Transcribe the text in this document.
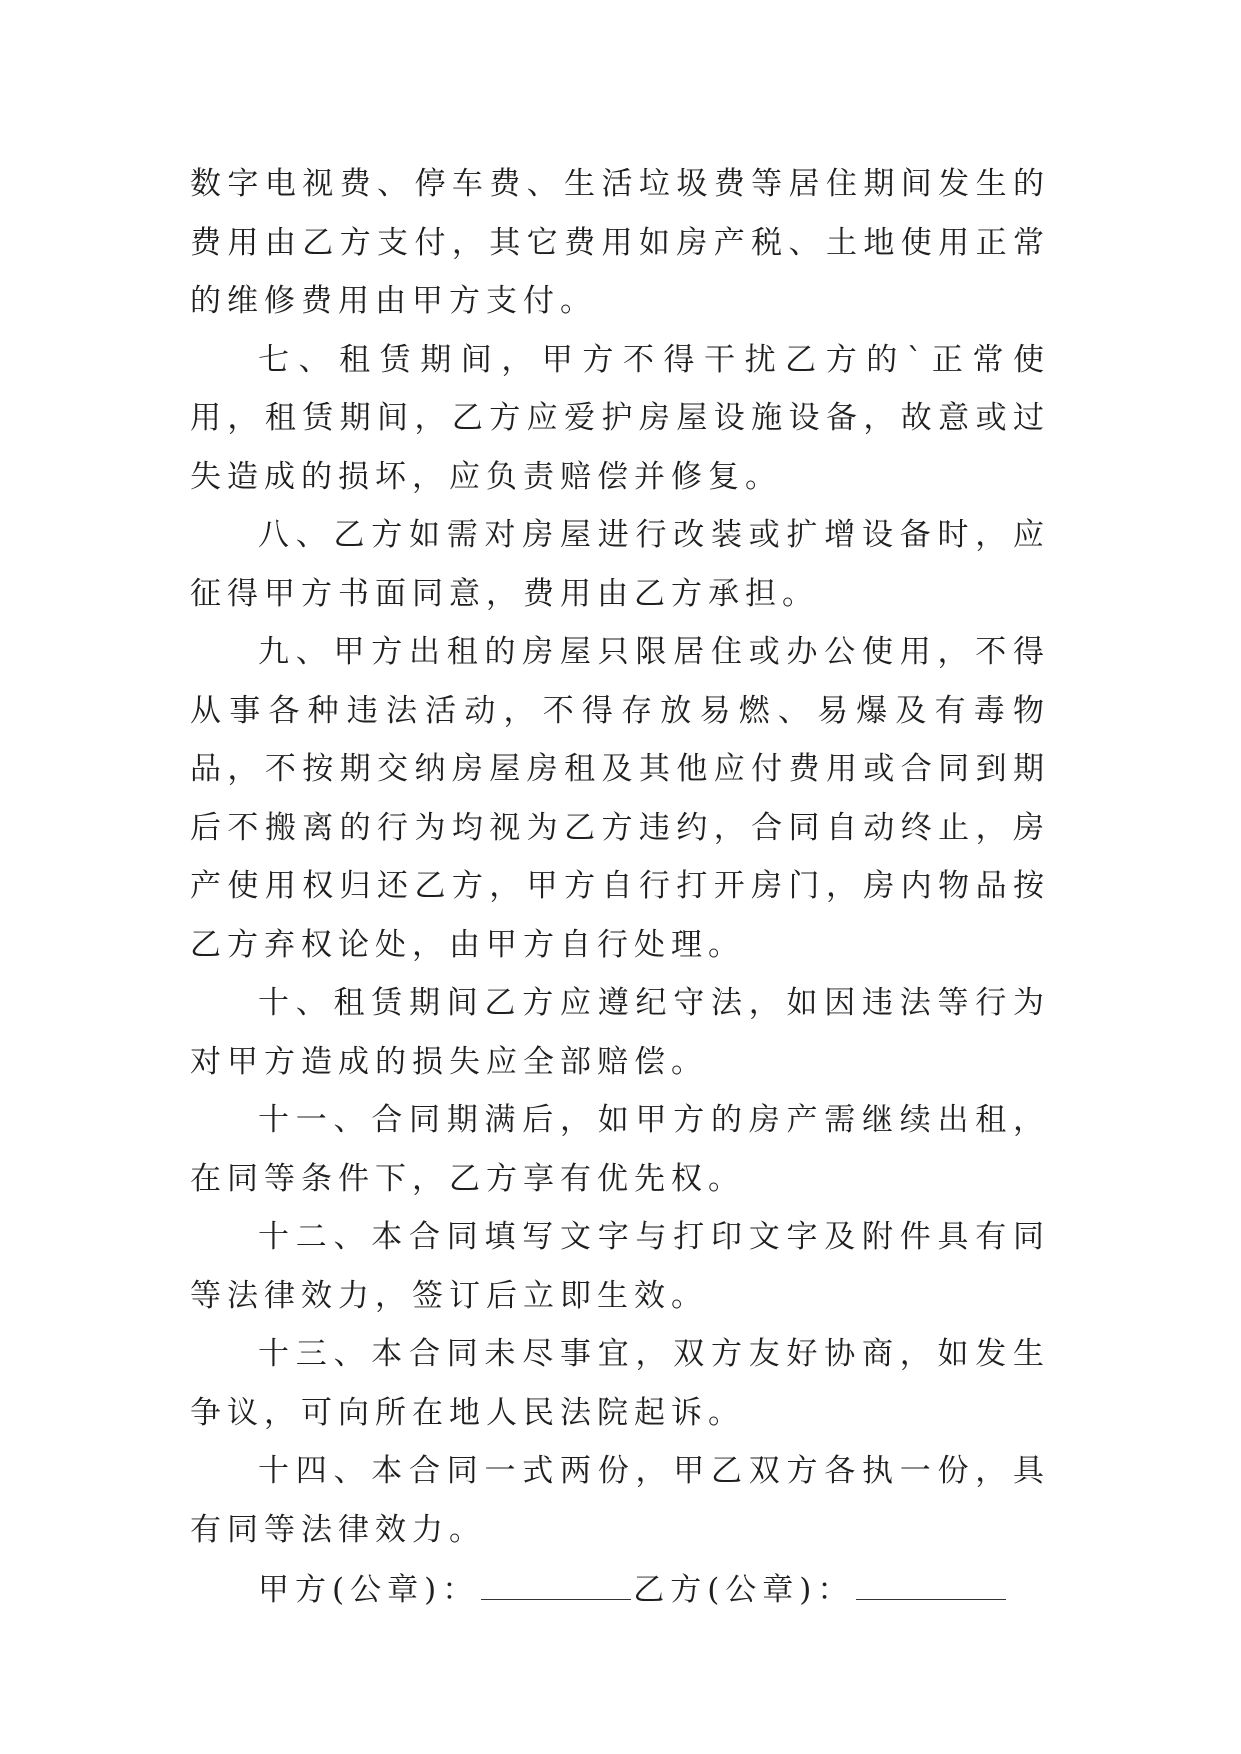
数字电视费、停车费、生活垃圾费等居住期间发生的费用由乙方支付，其它费用如房产税、土地使用正常的维修费用由甲方支付。

七、租赁期间，甲方不得干扰乙方的`正常使用，租赁期间，乙方应爱护房屋设施设备，故意或过失造成的损坏，应负责赔偿并修复。

八、乙方如需对房屋进行改装或扩增设备时，应征得甲方书面同意，费用由乙方承担。

九、甲方出租的房屋只限居住或办公使用，不得从事各种违法活动，不得存放易燃、易爆及有毒物品，不按期交纳房屋房租及其他应付费用或合同到期后不搬离的行为均视为乙方违约，合同自动终止，房产使用权归还乙方，甲方自行打开房门，房内物品按乙方弃权论处，由甲方自行处理。

十、租赁期间乙方应遵纪守法，如因违法等行为对甲方造成的损失应全部赔偿。

十一、合同期满后，如甲方的房产需继续出租，在同等条件下，乙方享有优先权。

十二、本合同填写文字与打印文字及附件具有同等法律效力，签订后立即生效。

十三、本合同未尽事宜，双方友好协商，如发生争议，可向所在地人民法院起诉。

十四、本合同一式两份，甲乙双方各执一份，具有同等法律效力。

甲方(公章)：	乙方(公章)：
